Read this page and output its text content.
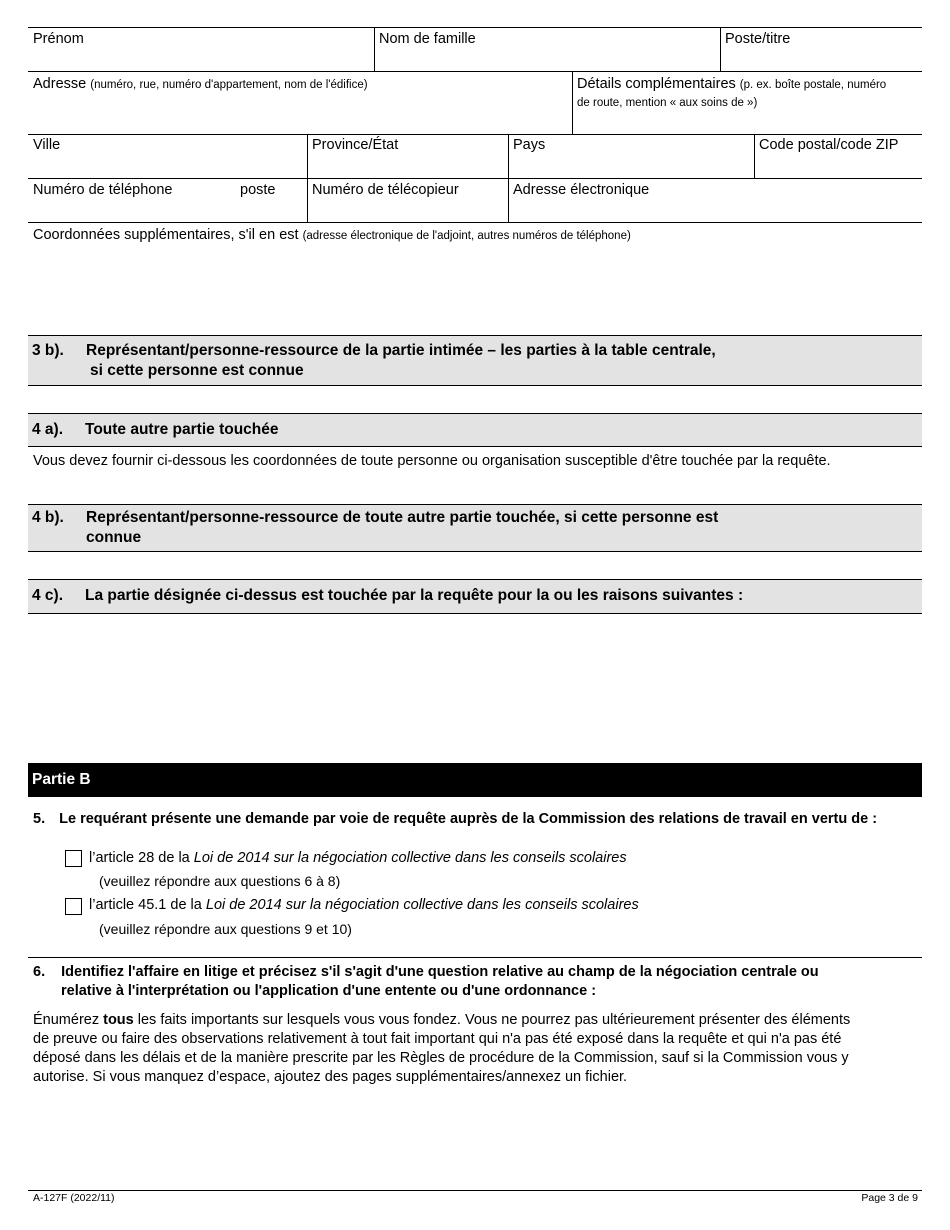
Prénom	Nom de famille	Poste/titre
Adresse (numéro, rue, numéro d'appartement, nom de l'édifice)	Détails complémentaires (p. ex. boîte postale, numéro
de route, mention « aux soins de »)
Ville	Province/État	Pays	Code postal/code ZIP
Numéro de téléphone	poste	Numéro de télécopieur	Adresse électronique
Coordonnées supplémentaires, s'il en est (adresse électronique de l'adjoint, autres numéros de téléphone)
3 b). Représentant/personne-ressource de la partie intimée – les parties à la table centrale,
si cette personne est connue
4 a). Toute autre partie touchée
Vous devez fournir ci-dessous les coordonnées de toute personne ou organisation susceptible d'être touchée par la requête.
4 b). Représentant/personne-ressource de toute autre partie touchée, si cette personne est
connue
4 c). La partie désignée ci-dessus est touchée par la requête pour la ou les raisons suivantes :
Partie B
5. Le requérant présente une demande par voie de requête auprès de la Commission des relations de travail en vertu de :
l’article 28 de la Loi de 2014 sur la négociation collective dans les conseils scolaires
(veuillez répondre aux questions 6 à 8)
l’article 45.1 de la Loi de 2014 sur la négociation collective dans les conseils scolaires
(veuillez répondre aux questions 9 et 10)
6. Identifiez l'affaire en litige et précisez s'il s'agit d'une question relative au champ de la négociation centrale ou
relative à l'interprétation ou l'application d'une entente ou d'une ordonnance :
Énumérez tous les faits importants sur lesquels vous vous fondez. Vous ne pourrez pas ultérieurement présenter des éléments
de preuve ou faire des observations relativement à tout fait important qui n'a pas été exposé dans la requête et qui n'a pas été
déposé dans les délais et de la manière prescrite par les Règles de procédure de la Commission, sauf si la Commission vous y
autorise. Si vous manquez d’espace, ajoutez des pages supplémentaires/annexez un fichier.
A-127F (2022/11)	Page 3 de 9
